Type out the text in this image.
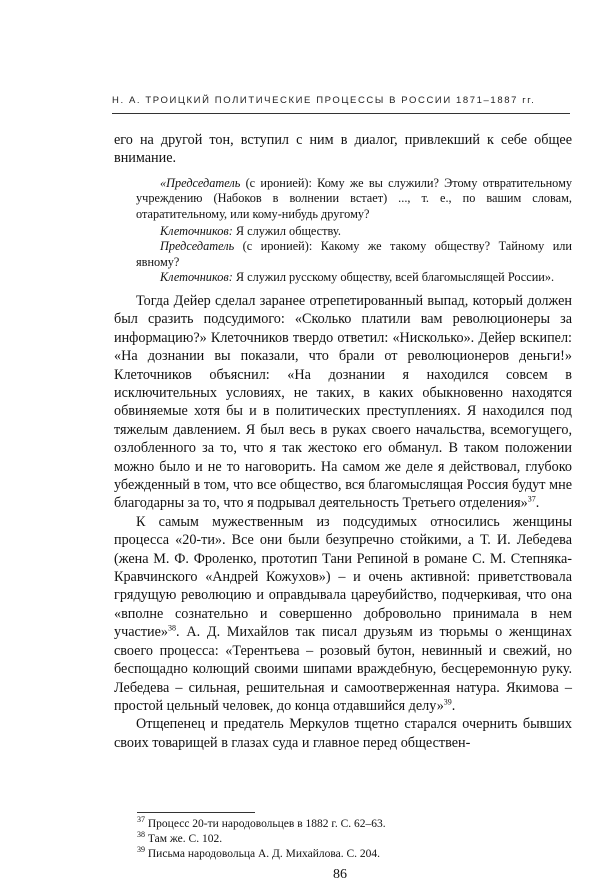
Н. А. ТРОИЦКИЙ ПОЛИТИЧЕСКИЕ ПРОЦЕССЫ В РОССИИ 1871–1887 гг.

его на другой тон, вступил с ним в диалог, привлекший к себе общее внимание.

«Председатель (с иронией): Кому же вы служили? Этому отвратительному учреждению (Набоков в волнении встает) ..., т. е., по вашим словам, отаратительному, или кому-нибудь другому?

Клеточников: Я служил обществу.

Председатель (с иронией): Какому же такому обществу? Тайному или явному?

Клеточников: Я служил русскому обществу, всей благомыслящей России».

Тогда Дейер сделал заранее отрепетированный выпад, который должен был сразить подсудимого: «Сколько платили вам революционеры за информацию?» Клеточников твердо ответил: «Нисколько». Дейер вскипел: «На дознании вы показали, что брали от революционеров деньги!» Клеточников объяснил: «На дознании я находился совсем в исключительных условиях, не таких, в каких обыкновенно находятся обвиняемые хотя бы и в политических преступлениях. Я находился под тяжелым давлением. Я был весь в руках своего начальства, всемогущего, озлобленного за то, что я так жестоко его обманул. В таком положении можно было и не то наговорить. На самом же деле я действовал, глубоко убежденный в том, что все общество, вся благомыслящая Россия будут мне благодарны за то, что я подрывал деятельность Третьего отделения»$^{37}$.

К самым мужественным из подсудимых относились женщины процесса «20-ти». Все они были безупречно стойкими, а Т. И. Лебедева (жена М. Ф. Фроленко, прототип Тани Репиной в романе С. М. Степняка-Кравчинского «Андрей Кожухов») – и очень активной: приветствовала грядущую революцию и оправдывала цареубийство, подчеркивая, что она «вполне сознательно и совершенно добровольно принимала в нем участие»$^{38}$. А. Д. Михайлов так писал друзьям из тюрьмы о женщинах своего процесса: «Терентьева – розовый бутон, невинный и свежий, но беспощадно колющий своими шипами враждебную, бесцеремонную руку. Лебедева – сильная, решительная и самоотверженная натура. Якимова – простой цельный человек, до конца отдавшийся делу»$^{39}$.

Отщепенец и предатель Меркулов тщетно старался очернить бывших своих товарищей в глазах суда и главное перед обществен-

$^{37}$ Процесс 20-ти народовольцев в 1882 г. С. 62–63.
$^{38}$ Там же. С. 102.
$^{39}$ Письма народовольца А. Д. Михайлова. С. 204.
86
